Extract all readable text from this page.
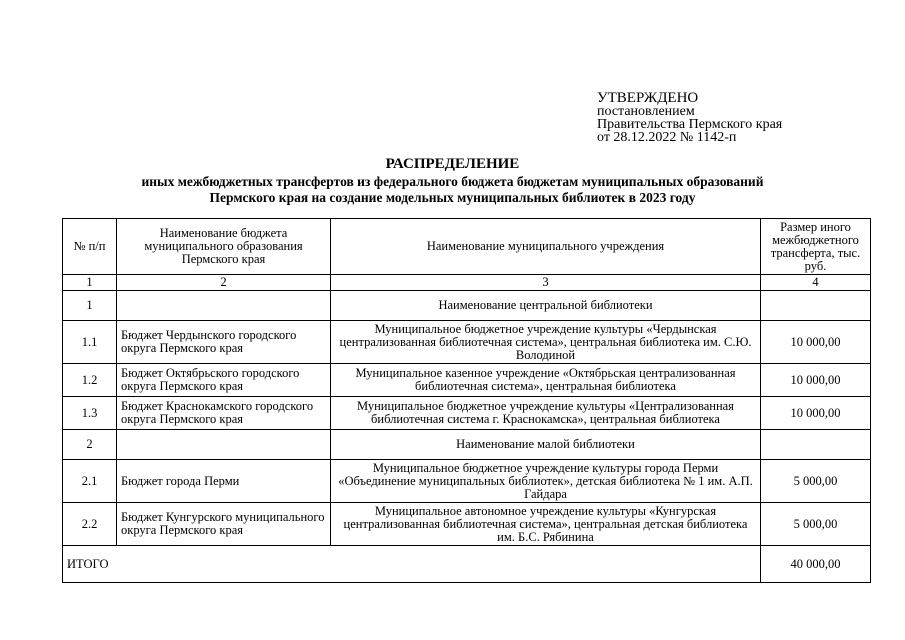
УТВЕРЖДЕНО
постановлением
Правительства Пермского края
от 28.12.2022 № 1142-п
РАСПРЕДЕЛЕНИЕ
иных межбюджетных трансфертов из федерального бюджета бюджетам муниципальных образований
Пермского края на создание модельных муниципальных библиотек в 2023 году
№ п/п	Наименование бюджета муниципального образования Пермского края	Наименование муниципального учреждения	Размер иного межбюджетного трансферта, тыс. руб.
1	2	3	4
1		Наименование центральной библиотеки	
1.1	Бюджет Чердынского городского округа Пермского края	Муниципальное бюджетное учреждение культуры «Чердынская централизованная библиотечная система», центральная библиотека им. С.Ю. Володиной	10 000,00
1.2	Бюджет Октябрьского городского округа Пермского края	Муниципальное казенное учреждение «Октябрьская централизованная библиотечная система», центральная библиотека	10 000,00
1.3	Бюджет Краснокамского городского округа Пермского края	Муниципальное бюджетное учреждение культуры «Централизованная библиотечная система г. Краснокамска», центральная библиотека	10 000,00
2		Наименование малой библиотеки	
2.1	Бюджет города Перми	Муниципальное бюджетное учреждение культуры города Перми «Объединение муниципальных библиотек», детская библиотека № 1 им. А.П. Гайдара	5 000,00
2.2	Бюджет Кунгурского муниципального округа Пермского края	Муниципальное автономное учреждение культуры «Кунгурская централизованная библиотечная система», центральная детская библиотека им. Б.С. Рябинина	5 000,00
ИТОГО			40 000,00
